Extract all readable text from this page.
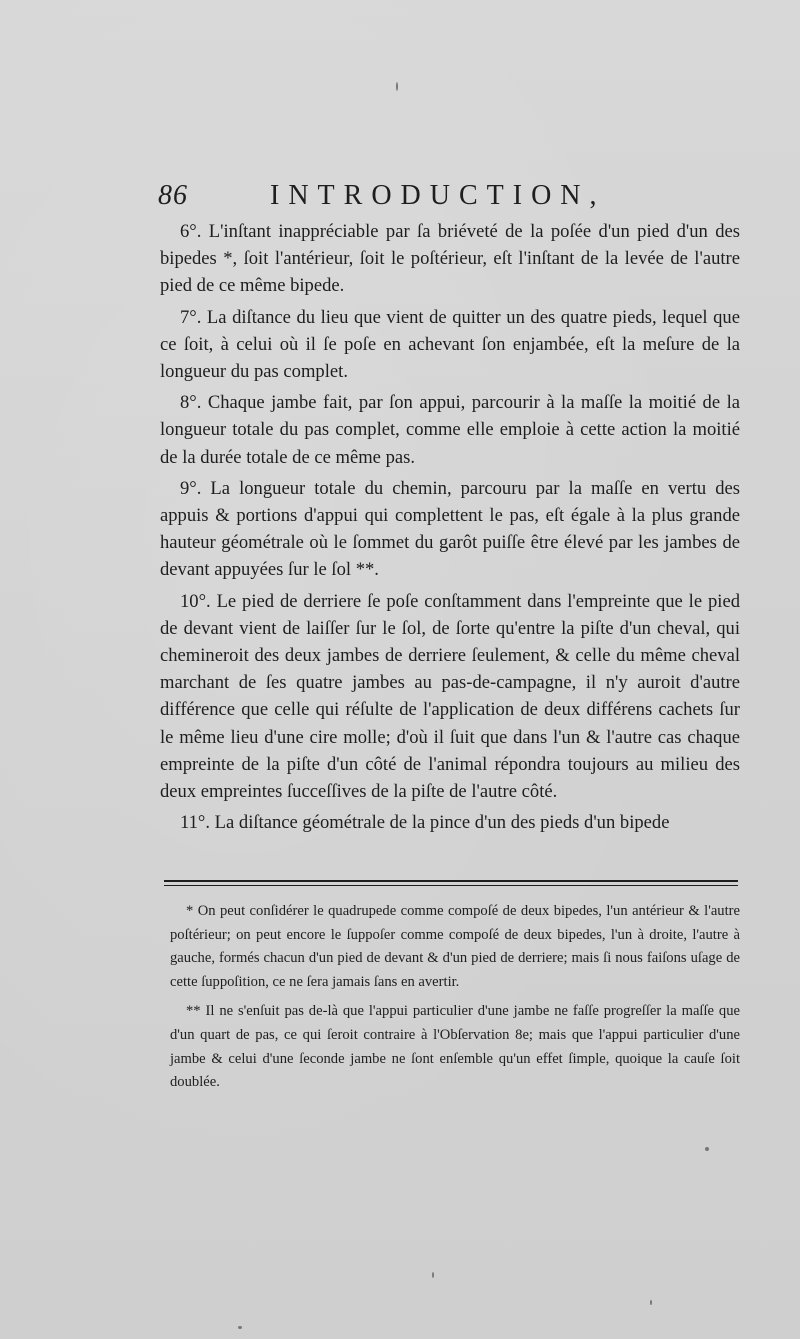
86	INTRODUCTION,

6°. L'inſtant inappréciable par ſa briéveté de la poſée d'un pied d'un des bipedes *, ſoit l'antérieur, ſoit le poſtérieur, eſt l'inſtant de la levée de l'autre pied de ce même bipede.

7°. La diſtance du lieu que vient de quitter un des quatre pieds, lequel que ce ſoit, à celui où il ſe poſe en achevant ſon enjambée, eſt la meſure de la longueur du pas complet.

8°. Chaque jambe fait, par ſon appui, parcourir à la maſſe la moitié de la longueur totale du pas complet, comme elle emploie à cette action la moitié de la durée totale de ce même pas.

9°. La longueur totale du chemin, parcouru par la maſſe en vertu des appuis & portions d'appui qui complettent le pas, eſt égale à la plus grande hauteur géométrale où le ſommet du garôt puiſſe être élevé par les jambes de devant appuyées ſur le ſol **.

10°. Le pied de derriere ſe poſe conſtamment dans l'empreinte que le pied de devant vient de laiſſer ſur le ſol, de ſorte qu'entre la piſte d'un cheval, qui chemineroit des deux jambes de derriere ſeulement, & celle du même cheval marchant de ſes quatre jambes au pas-de-campagne, il n'y auroit d'autre différence que celle qui réſulte de l'application de deux différens cachets ſur le même lieu d'une cire molle; d'où il ſuit que dans l'un & l'autre cas chaque empreinte de la piſte d'un côté de l'animal répondra toujours au milieu des deux empreintes ſucceſſives de la piſte de l'autre côté.

11°. La diſtance géométrale de la pince d'un des pieds d'un bipede

* On peut conſidérer le quadrupede comme compoſé de deux bipedes, l'un antérieur & l'autre poſtérieur; on peut encore le ſuppoſer comme compoſé de deux bipedes, l'un à droite, l'autre à gauche, formés chacun d'un pied de devant & d'un pied de derriere; mais ſi nous faiſons uſage de cette ſuppoſition, ce ne ſera jamais ſans en avertir.

** Il ne s'enſuit pas de-là que l'appui particulier d'une jambe ne faſſe progreſſer la maſſe que d'un quart de pas, ce qui ſeroit contraire à l'Obſervation 8e; mais que l'appui particulier d'une jambe & celui d'une ſeconde jambe ne ſont enſemble qu'un effet ſimple, quoique la cauſe ſoit doublée.
